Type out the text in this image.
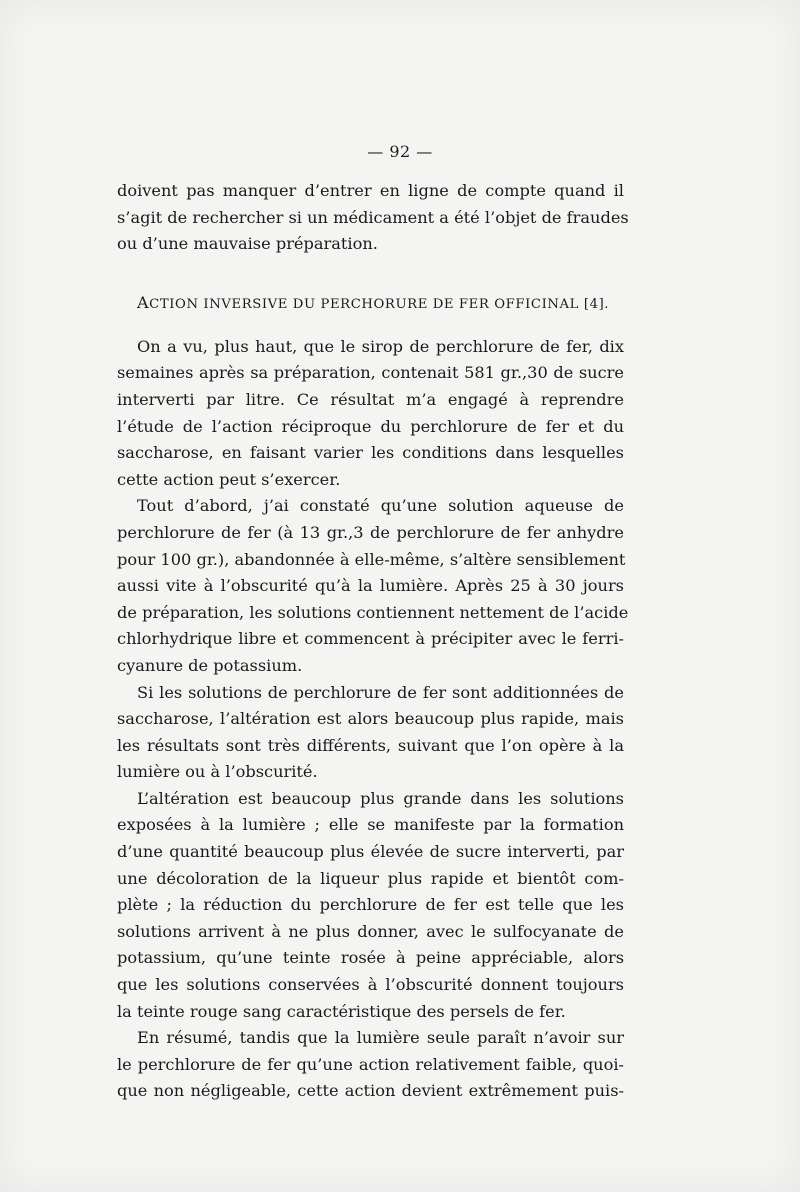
— 92 —
doivent pas manquer d’entrer en ligne de compte quand il
s’agit de rechercher si un médicament a été l’objet de fraudes
ou d’une mauvaise préparation.
ACTION INVERSIVE DU PERCHORURE DE FER OFFICINAL [4].
On a vu, plus haut, que le sirop de perchlorure de fer, dix
semaines après sa préparation, contenait 581 gr.,30 de sucre
interverti par litre. Ce résultat m’a engagé à reprendre
l’étude de l’action réciproque du perchlorure de fer et du
saccharose, en faisant varier les conditions dans lesquelles
cette action peut s’exercer.
Tout d’abord, j’ai constaté qu’une solution aqueuse de
perchlorure de fer (à 13 gr.,3 de perchlorure de fer anhydre
pour 100 gr.), abandonnée à elle-même, s’altère sensiblement
aussi vite à l’obscurité qu’à la lumière. Après 25 à 30 jours
de préparation, les solutions contiennent nettement de l’acide
chlorhydrique libre et commencent à précipiter avec le ferri-
cyanure de potassium.
Si les solutions de perchlorure de fer sont additionnées de
saccharose, l’altération est alors beaucoup plus rapide, mais
les résultats sont très différents, suivant que l’on opère à la
lumière ou à l’obscurité.
L’altération est beaucoup plus grande dans les solutions
exposées à la lumière ; elle se manifeste par la formation
d’une quantité beaucoup plus élevée de sucre interverti, par
une décoloration de la liqueur plus rapide et bientôt com-
plète ; la réduction du perchlorure de fer est telle que les
solutions arrivent à ne plus donner, avec le sulfocyanate de
potassium, qu’une teinte rosée à peine appréciable, alors
que les solutions conservées à l’obscurité donnent toujours
la teinte rouge sang caractéristique des persels de fer.
En résumé, tandis que la lumière seule paraît n’avoir sur
le perchlorure de fer qu’une action relativement faible, quoi-
que non négligeable, cette action devient extrêmement puis-
